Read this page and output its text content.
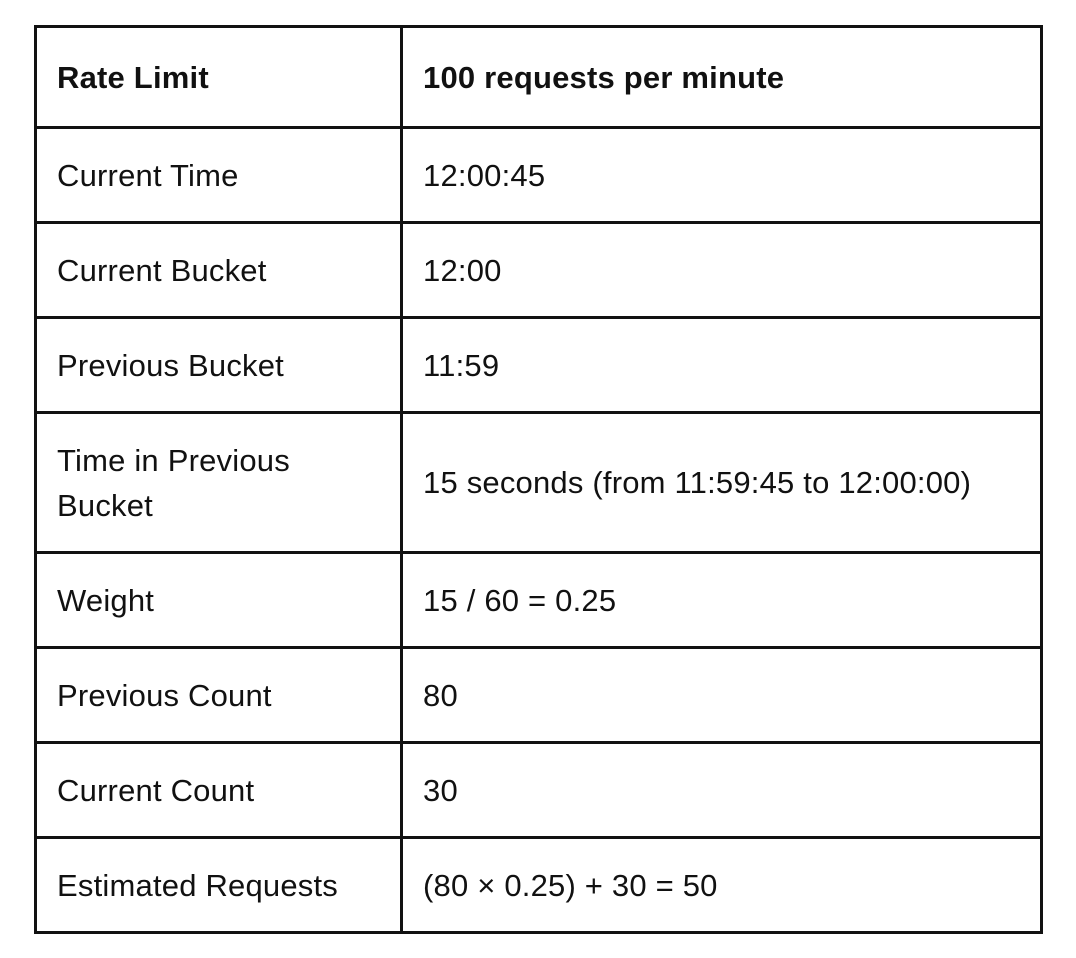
Rate Limit	100 requests per minute
Current Time	12:00:45
Current Bucket	12:00
Previous Bucket	11:59
Time in Previous Bucket	15 seconds (from 11:59:45 to 12:00:00)
Weight	15 / 60 = 0.25
Previous Count	80
Current Count	30
Estimated Requests	(80 × 0.25) + 30 = 50
